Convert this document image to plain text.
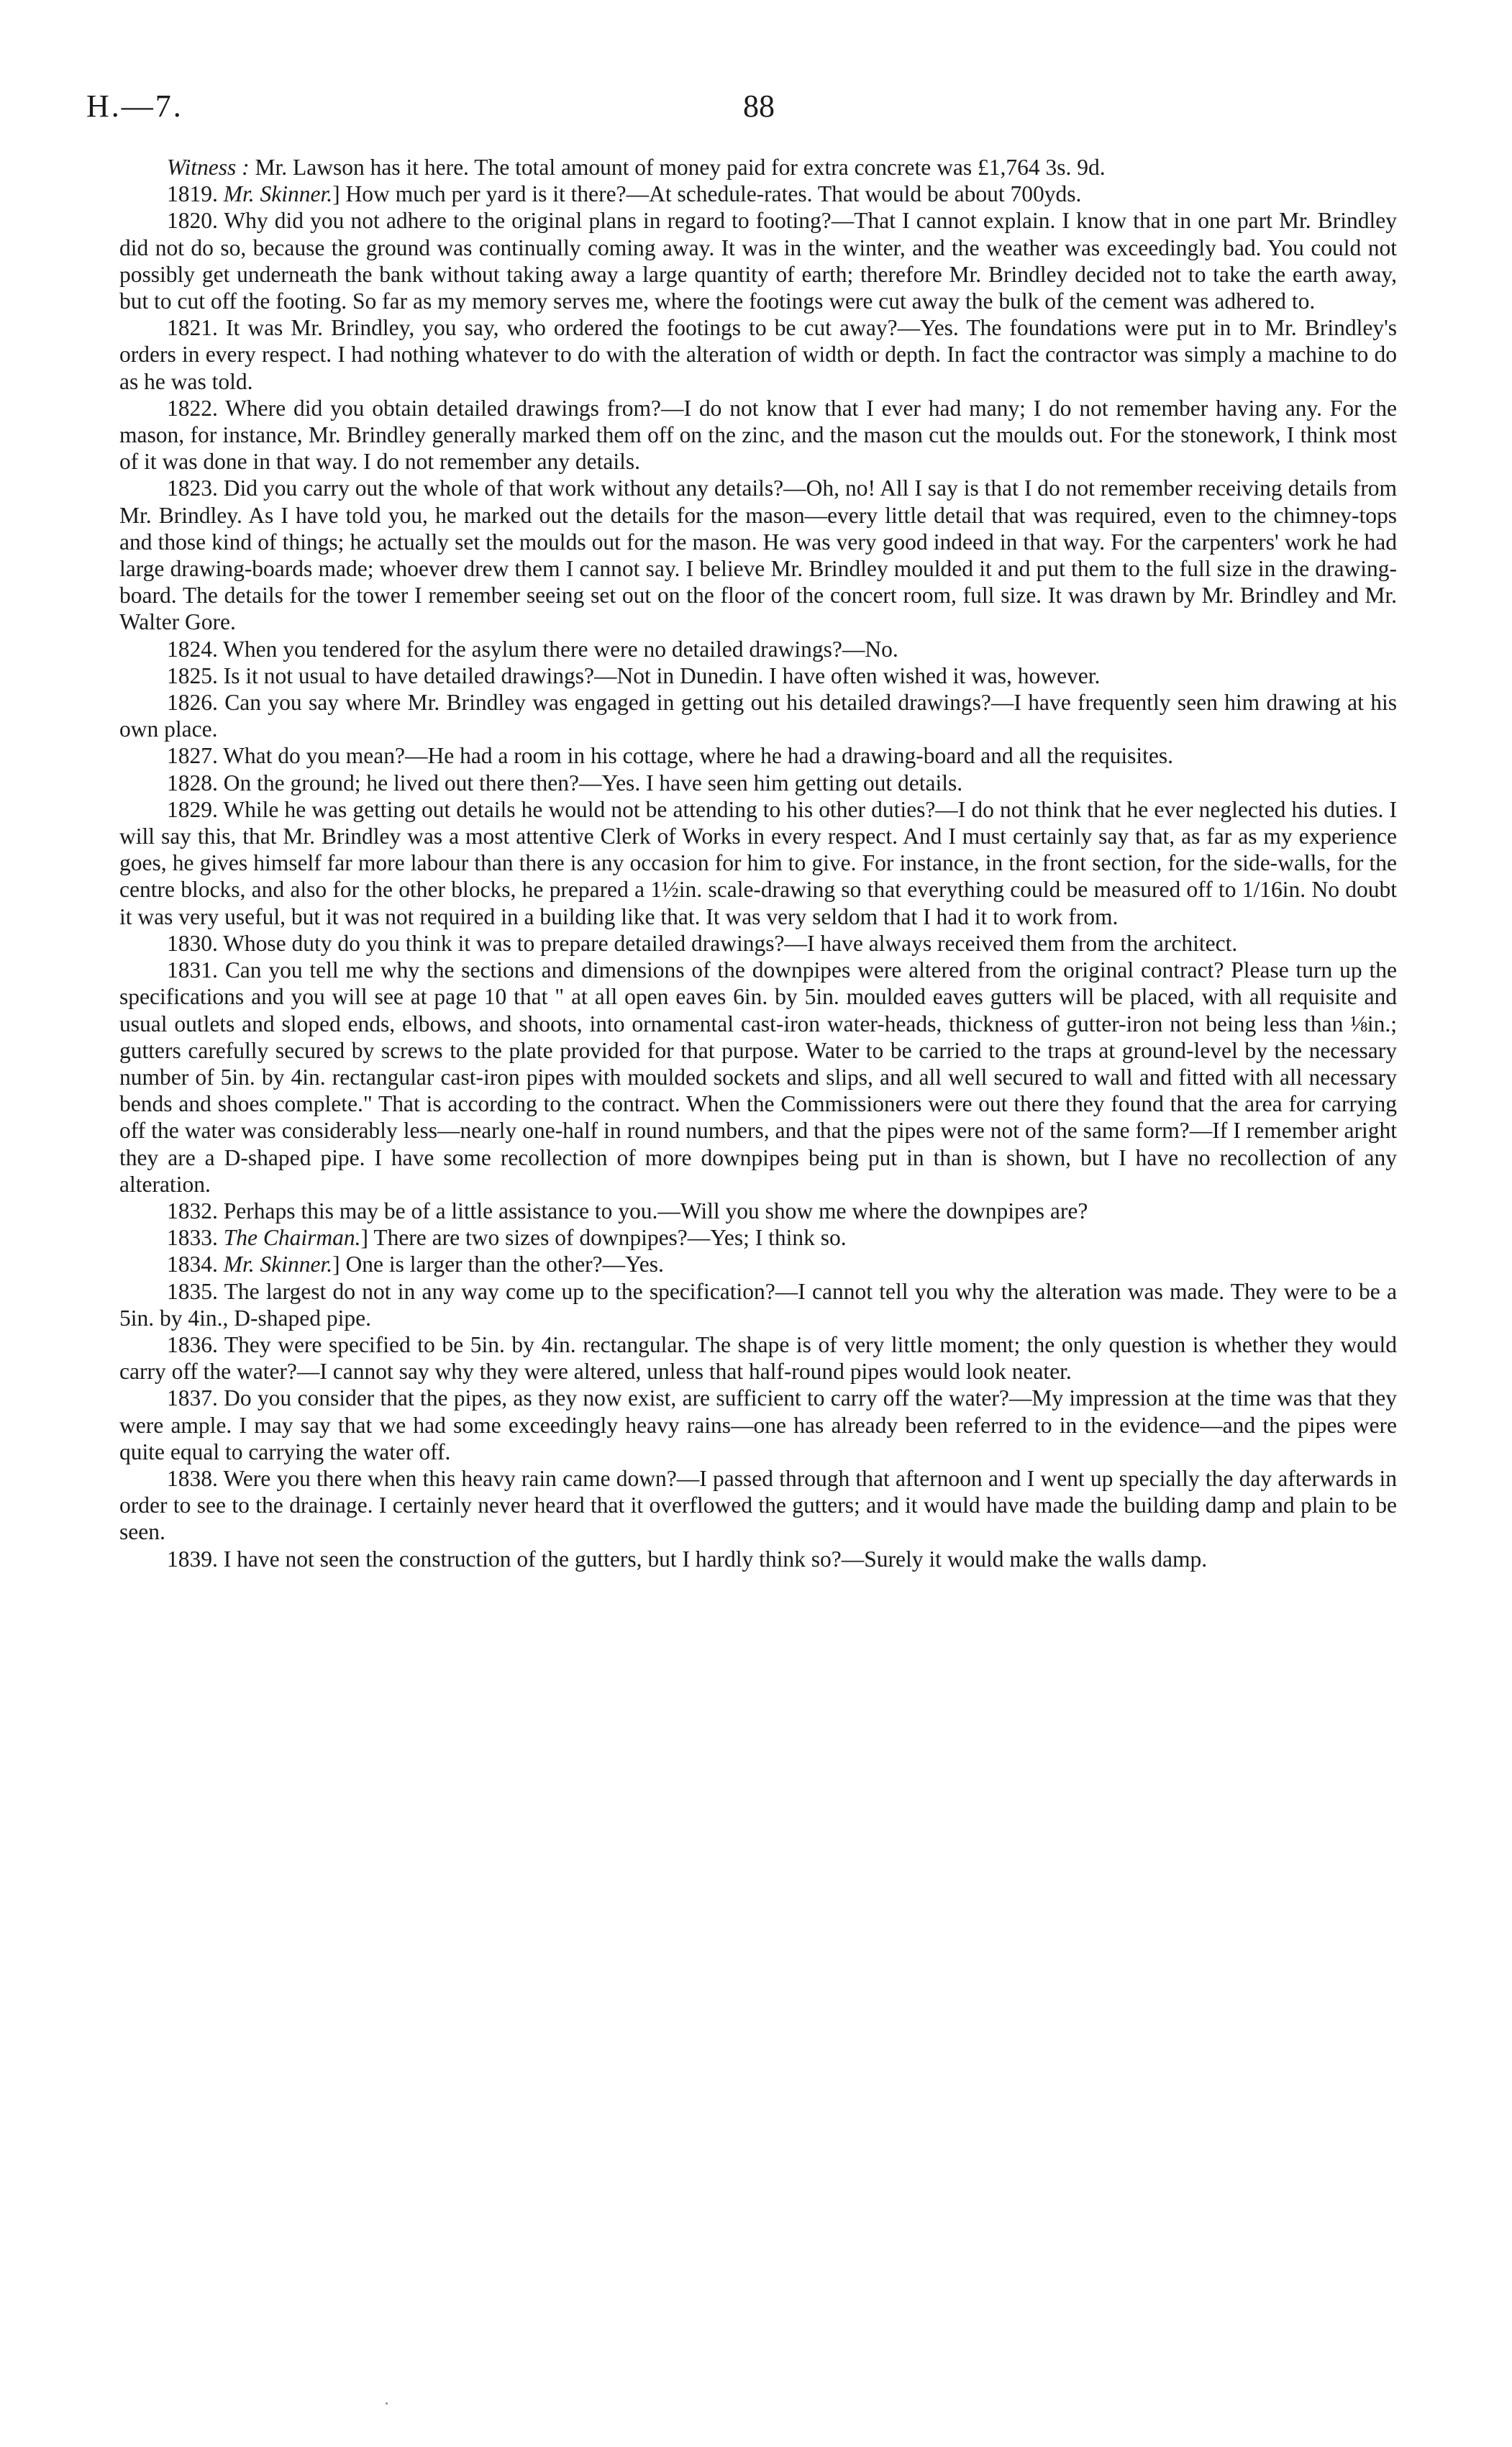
H.—7.	88

Witness : Mr. Lawson has it here. The total amount of money paid for extra concrete was £1,764 3s. 9d.

1819. Mr. Skinner.] How much per yard is it there?—At schedule-rates. That would be about 700yds.

1820. Why did you not adhere to the original plans in regard to footing?—That I cannot explain. I know that in one part Mr. Brindley did not do so, because the ground was continually coming away. It was in the winter, and the weather was exceedingly bad. You could not possibly get underneath the bank without taking away a large quantity of earth; therefore Mr. Brindley decided not to take the earth away, but to cut off the footing. So far as my memory serves me, where the footings were cut away the bulk of the cement was adhered to.

1821. It was Mr. Brindley, you say, who ordered the footings to be cut away?—Yes. The foundations were put in to Mr. Brindley's orders in every respect. I had nothing whatever to do with the alteration of width or depth. In fact the contractor was simply a machine to do as he was told.

1822. Where did you obtain detailed drawings from?—I do not know that I ever had many; I do not remember having any. For the mason, for instance, Mr. Brindley generally marked them off on the zinc, and the mason cut the moulds out. For the stonework, I think most of it was done in that way. I do not remember any details.

1823. Did you carry out the whole of that work without any details?—Oh, no! All I say is that I do not remember receiving details from Mr. Brindley. As I have told you, he marked out the details for the mason—every little detail that was required, even to the chimney-tops and those kind of things; he actually set the moulds out for the mason. He was very good indeed in that way. For the carpenters' work he had large drawing-boards made; whoever drew them I cannot say. I believe Mr. Brindley moulded it and put them to the full size in the drawing-board. The details for the tower I remember seeing set out on the floor of the concert room, full size. It was drawn by Mr. Brindley and Mr. Walter Gore.

1824. When you tendered for the asylum there were no detailed drawings?—No.

1825. Is it not usual to have detailed drawings?—Not in Dunedin. I have often wished it was, however.

1826. Can you say where Mr. Brindley was engaged in getting out his detailed drawings?—I have frequently seen him drawing at his own place.

1827. What do you mean?—He had a room in his cottage, where he had a drawing-board and all the requisites.

1828. On the ground; he lived out there then?—Yes. I have seen him getting out details.

1829. While he was getting out details he would not be attending to his other duties?—I do not think that he ever neglected his duties. I will say this, that Mr. Brindley was a most attentive Clerk of Works in every respect. And I must certainly say that, as far as my experience goes, he gives himself far more labour than there is any occasion for him to give. For instance, in the front section, for the side-walls, for the centre blocks, and also for the other blocks, he prepared a 1½in. scale-drawing so that everything could be measured off to 1/16in. No doubt it was very useful, but it was not required in a building like that. It was very seldom that I had it to work from.

1830. Whose duty do you think it was to prepare detailed drawings?—I have always received them from the architect.

1831. Can you tell me why the sections and dimensions of the downpipes were altered from the original contract? Please turn up the specifications and you will see at page 10 that " at all open eaves 6in. by 5in. moulded eaves gutters will be placed, with all requisite and usual outlets and sloped ends, elbows, and shoots, into ornamental cast-iron water-heads, thickness of gutter-iron not being less than ⅛in.; gutters carefully secured by screws to the plate provided for that purpose. Water to be carried to the traps at ground-level by the necessary number of 5in. by 4in. rectangular cast-iron pipes with moulded sockets and slips, and all well secured to wall and fitted with all necessary bends and shoes complete." That is according to the contract. When the Commissioners were out there they found that the area for carrying off the water was considerably less—nearly one-half in round numbers, and that the pipes were not of the same form?—If I remember aright they are a D-shaped pipe. I have some recollection of more downpipes being put in than is shown, but I have no recollection of any alteration.

1832. Perhaps this may be of a little assistance to you.—Will you show me where the downpipes are?

1833. The Chairman.] There are two sizes of downpipes?—Yes; I think so.

1834. Mr. Skinner.] One is larger than the other?—Yes.

1835. The largest do not in any way come up to the specification?—I cannot tell you why the alteration was made. They were to be a 5in. by 4in., D-shaped pipe.

1836. They were specified to be 5in. by 4in. rectangular. The shape is of very little moment; the only question is whether they would carry off the water?—I cannot say why they were altered, unless that half-round pipes would look neater.

1837. Do you consider that the pipes, as they now exist, are sufficient to carry off the water?—My impression at the time was that they were ample. I may say that we had some exceedingly heavy rains—one has already been referred to in the evidence—and the pipes were quite equal to carrying the water off.

1838. Were you there when this heavy rain came down?—I passed through that afternoon and I went up specially the day afterwards in order to see to the drainage. I certainly never heard that it overflowed the gutters; and it would have made the building damp and plain to be seen.

1839. I have not seen the construction of the gutters, but I hardly think so?—Surely it would make the walls damp.
